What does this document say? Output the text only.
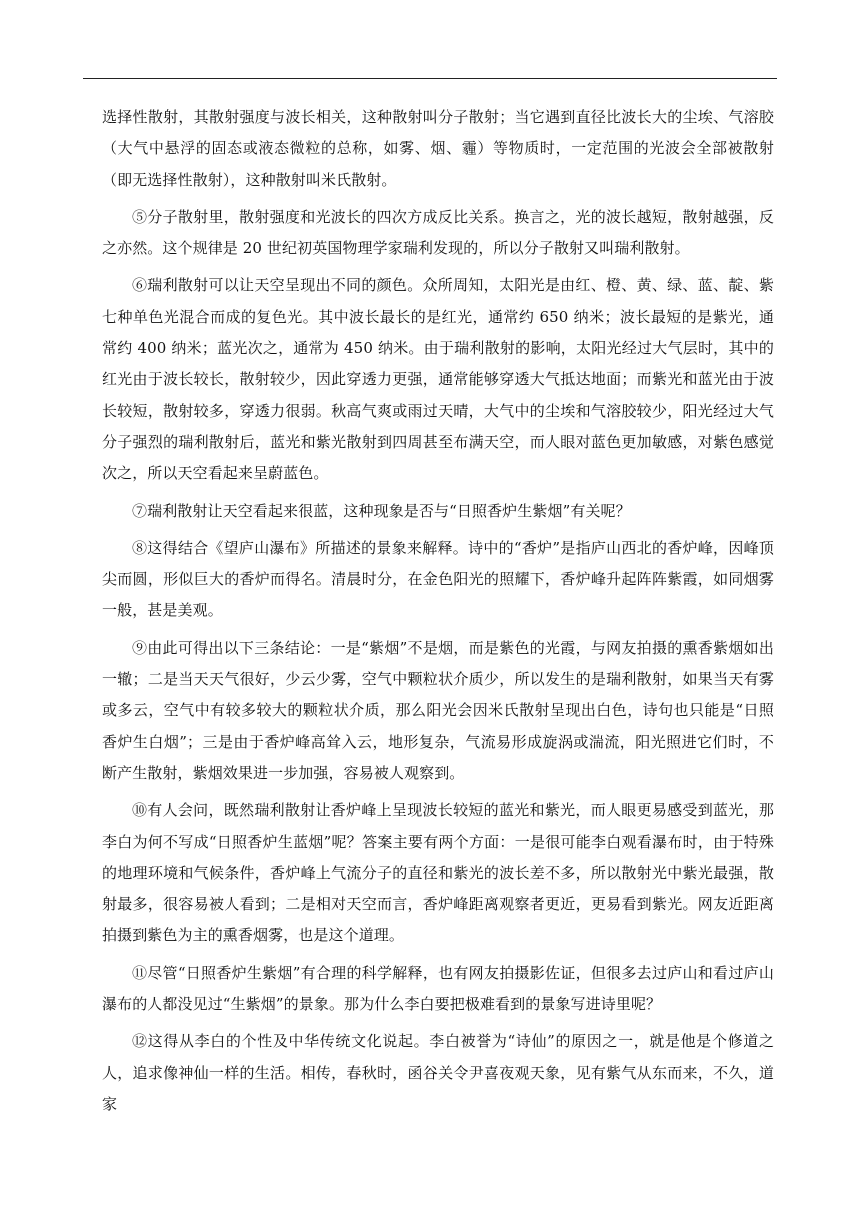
选择性散射，其散射强度与波长相关，这种散射叫分子散射；当它遇到直径比波长大的尘埃、气溶胶（大气中悬浮的固态或液态微粒的总称，如雾、烟、霾）等物质时，一定范围的光波会全部被散射（即无选择性散射），这种散射叫米氏散射。

⑤分子散射里，散射强度和光波长的四次方成反比关系。换言之，光的波长越短，散射越强，反之亦然。这个规律是 20 世纪初英国物理学家瑞利发现的，所以分子散射又叫瑞利散射。

⑥瑞利散射可以让天空呈现出不同的颜色。众所周知，太阳光是由红、橙、黄、绿、蓝、靛、紫七种单色光混合而成的复色光。其中波长最长的是红光，通常约 650 纳米；波长最短的是紫光，通常约 400 纳米；蓝光次之，通常为 450 纳米。由于瑞利散射的影响，太阳光经过大气层时，其中的红光由于波长较长，散射较少，因此穿透力更强，通常能够穿透大气抵达地面；而紫光和蓝光由于波长较短，散射较多，穿透力很弱。秋高气爽或雨过天晴，大气中的尘埃和气溶胶较少，阳光经过大气分子强烈的瑞利散射后，蓝光和紫光散射到四周甚至布满天空，而人眼对蓝色更加敏感，对紫色感觉次之，所以天空看起来呈蔚蓝色。

⑦瑞利散射让天空看起来很蓝，这种现象是否与“日照香炉生紫烟”有关呢？

⑧这得结合《望庐山瀑布》所描述的景象来解释。诗中的“香炉”是指庐山西北的香炉峰，因峰顶尖而圆，形似巨大的香炉而得名。清晨时分，在金色阳光的照耀下，香炉峰升起阵阵紫霞，如同烟雾一般，甚是美观。

⑨由此可得出以下三条结论：一是“紫烟”不是烟，而是紫色的光霞，与网友拍摄的熏香紫烟如出一辙；二是当天天气很好，少云少雾，空气中颗粒状介质少，所以发生的是瑞利散射，如果当天有雾或多云，空气中有较多较大的颗粒状介质，那么阳光会因米氏散射呈现出白色，诗句也只能是“日照香炉生白烟”；三是由于香炉峰高耸入云，地形复杂，气流易形成旋涡或湍流，阳光照进它们时，不断产生散射，紫烟效果进一步加强，容易被人观察到。

⑩有人会问，既然瑞利散射让香炉峰上呈现波长较短的蓝光和紫光，而人眼更易感受到蓝光，那李白为何不写成“日照香炉生蓝烟”呢？答案主要有两个方面：一是很可能李白观看瀑布时，由于特殊的地理环境和气候条件，香炉峰上气流分子的直径和紫光的波长差不多，所以散射光中紫光最强，散射最多，很容易被人看到；二是相对天空而言，香炉峰距离观察者更近，更易看到紫光。网友近距离拍摄到紫色为主的熏香烟雾，也是这个道理。

⑪尽管“日照香炉生紫烟”有合理的科学解释，也有网友拍摄影佐证，但很多去过庐山和看过庐山瀑布的人都没见过“生紫烟”的景象。那为什么李白要把极难看到的景象写进诗里呢？

⑫这得从李白的个性及中华传统文化说起。李白被誉为“诗仙”的原因之一，就是他是个修道之人，追求像神仙一样的生活。相传，春秋时，函谷关令尹喜夜观天象，见有紫气从东而来，不久，道家
